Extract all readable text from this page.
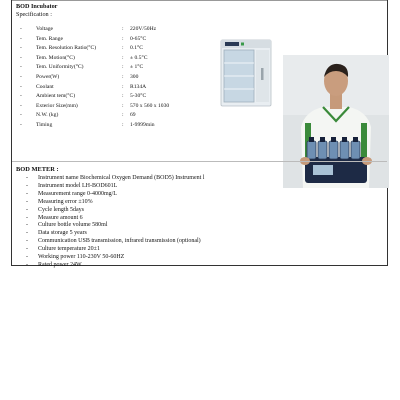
BOD Incubator
Specification :
-	Voltage	:	220V/50Hz
-	Tem. Range	:	0-65°C
-	Tem. Resolution Ratio(°C)	:	0.1°C
-	Tem. Motion(°C)	:	± 0.5°C
-	Tem. Uniformity(°C)	:	± 1°C
-	Power(W)	:	300
-	Coolant	:	R134A
-	Ambient tem(°C)	:	5-30°C
-	Exterior Size(mm)	:	570 x 560 x 1030
-	N.W. (kg)	:	69
-	Timing	:	1-9999min
BOD METER :
-	Instrument name Biochemical Oxygen Demand (BOD5) Instrument l
-	Instrument model LH-BOD601L
-	Measurement range 0-4000mg/L
-	Measuring error ±10%
-	Cycle length 5days
-	Measure amount 6
-	Culture bottle volume 580ml
-	Data storage 5 years
-	Communication USB transmission, infrared transmission (optional)
-	Culture temperature 20±1
-	Working power 110-230V 50-60HZ
-	Rated power 24W
